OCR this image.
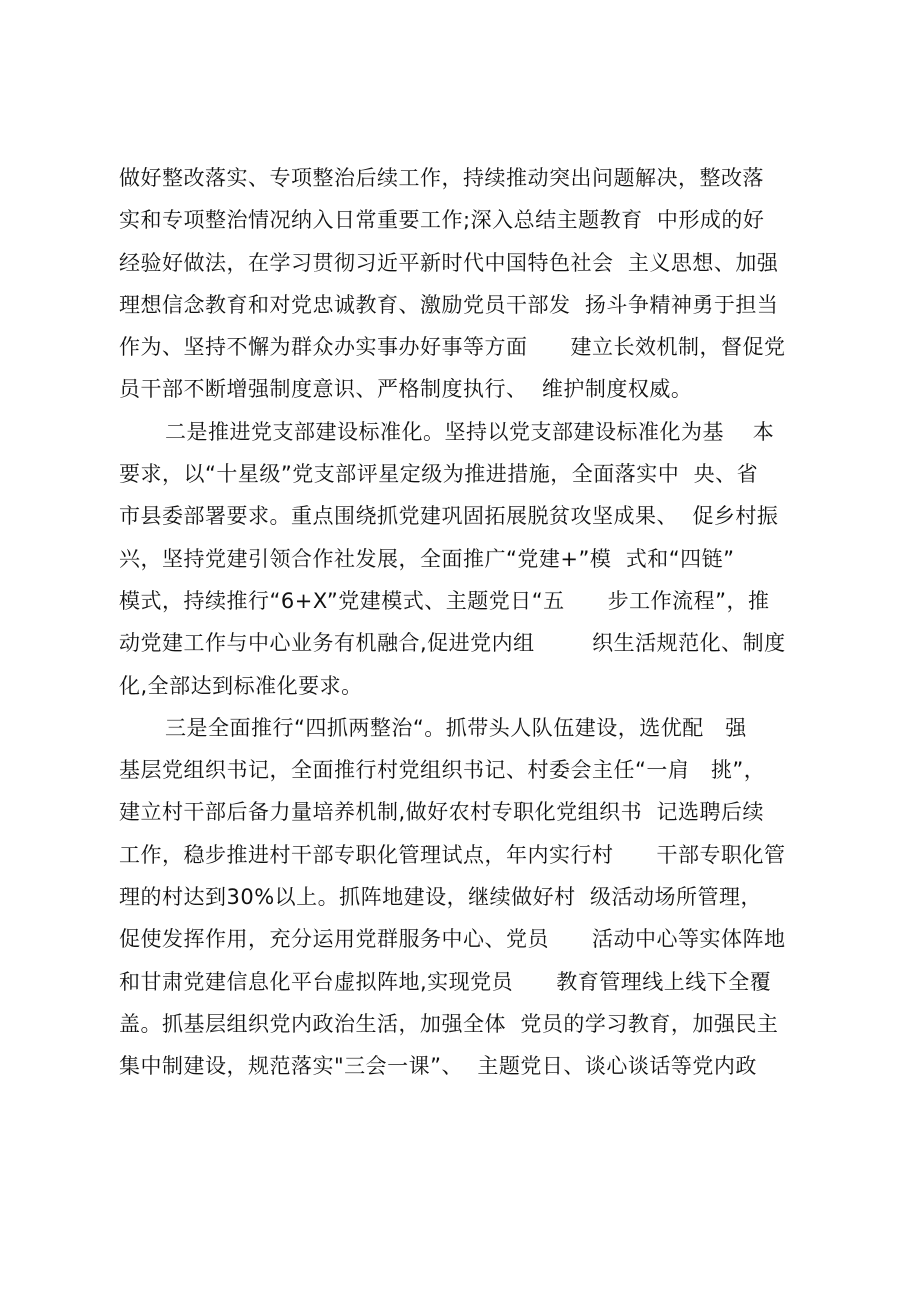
做好整改落实、专项整治后续工作，持续推动突出问题解决，整改落
实和专项整治情况纳入日常重要工作;深入总结主题教育  中形成的好
经验好做法，在学习贯彻习近平新时代中国特色社会  主义思想、加强
理想信念教育和对党忠诚教育、激励党员干部发  扬斗争精神勇于担当
作为、坚持不懈为群众办实事办好事等方面      建立长效机制，督促党
员干部不断增强制度意识、严格制度执行、  维护制度权威。
二是推进党支部建设标准化。坚持以党支部建设标准化为基    本
要求，以“十星级”党支部评星定级为推进措施，全面落实中  央、省
市县委部署要求。重点围绕抓党建巩固拓展脱贫攻坚成果、  促乡村振
兴，坚持党建引领合作社发展，全面推广“党建+”模  式和“四链”
模式，持续推行“6+X”党建模式、主题党日“五      步工作流程”，推
动党建工作与中心业务有机融合,促进党内组        织生活规范化、制度
化,全部达到标准化要求。
三是全面推行“四抓两整治“。抓带头人队伍建设，选优配   强
基层党组织书记，全面推行村党组织书记、村委会主任“一肩   挑”，
建立村干部后备力量培养机制,做好农村专职化党组织书  记选聘后续
工作，稳步推进村干部专职化管理试点，年内实行村      干部专职化管
理的村达到30%以上。抓阵地建设，继续做好村  级活动场所管理，
促使发挥作用，充分运用党群服务中心、党员      活动中心等实体阵地
和甘肃党建信息化平台虚拟阵地,实现党员      教育管理线上线下全覆
盖。抓基层组织党内政治生活，加强全体  党员的学习教育，加强民主
集中制建设，规范落实"三会一课”、  主题党日、谈心谈话等党内政
